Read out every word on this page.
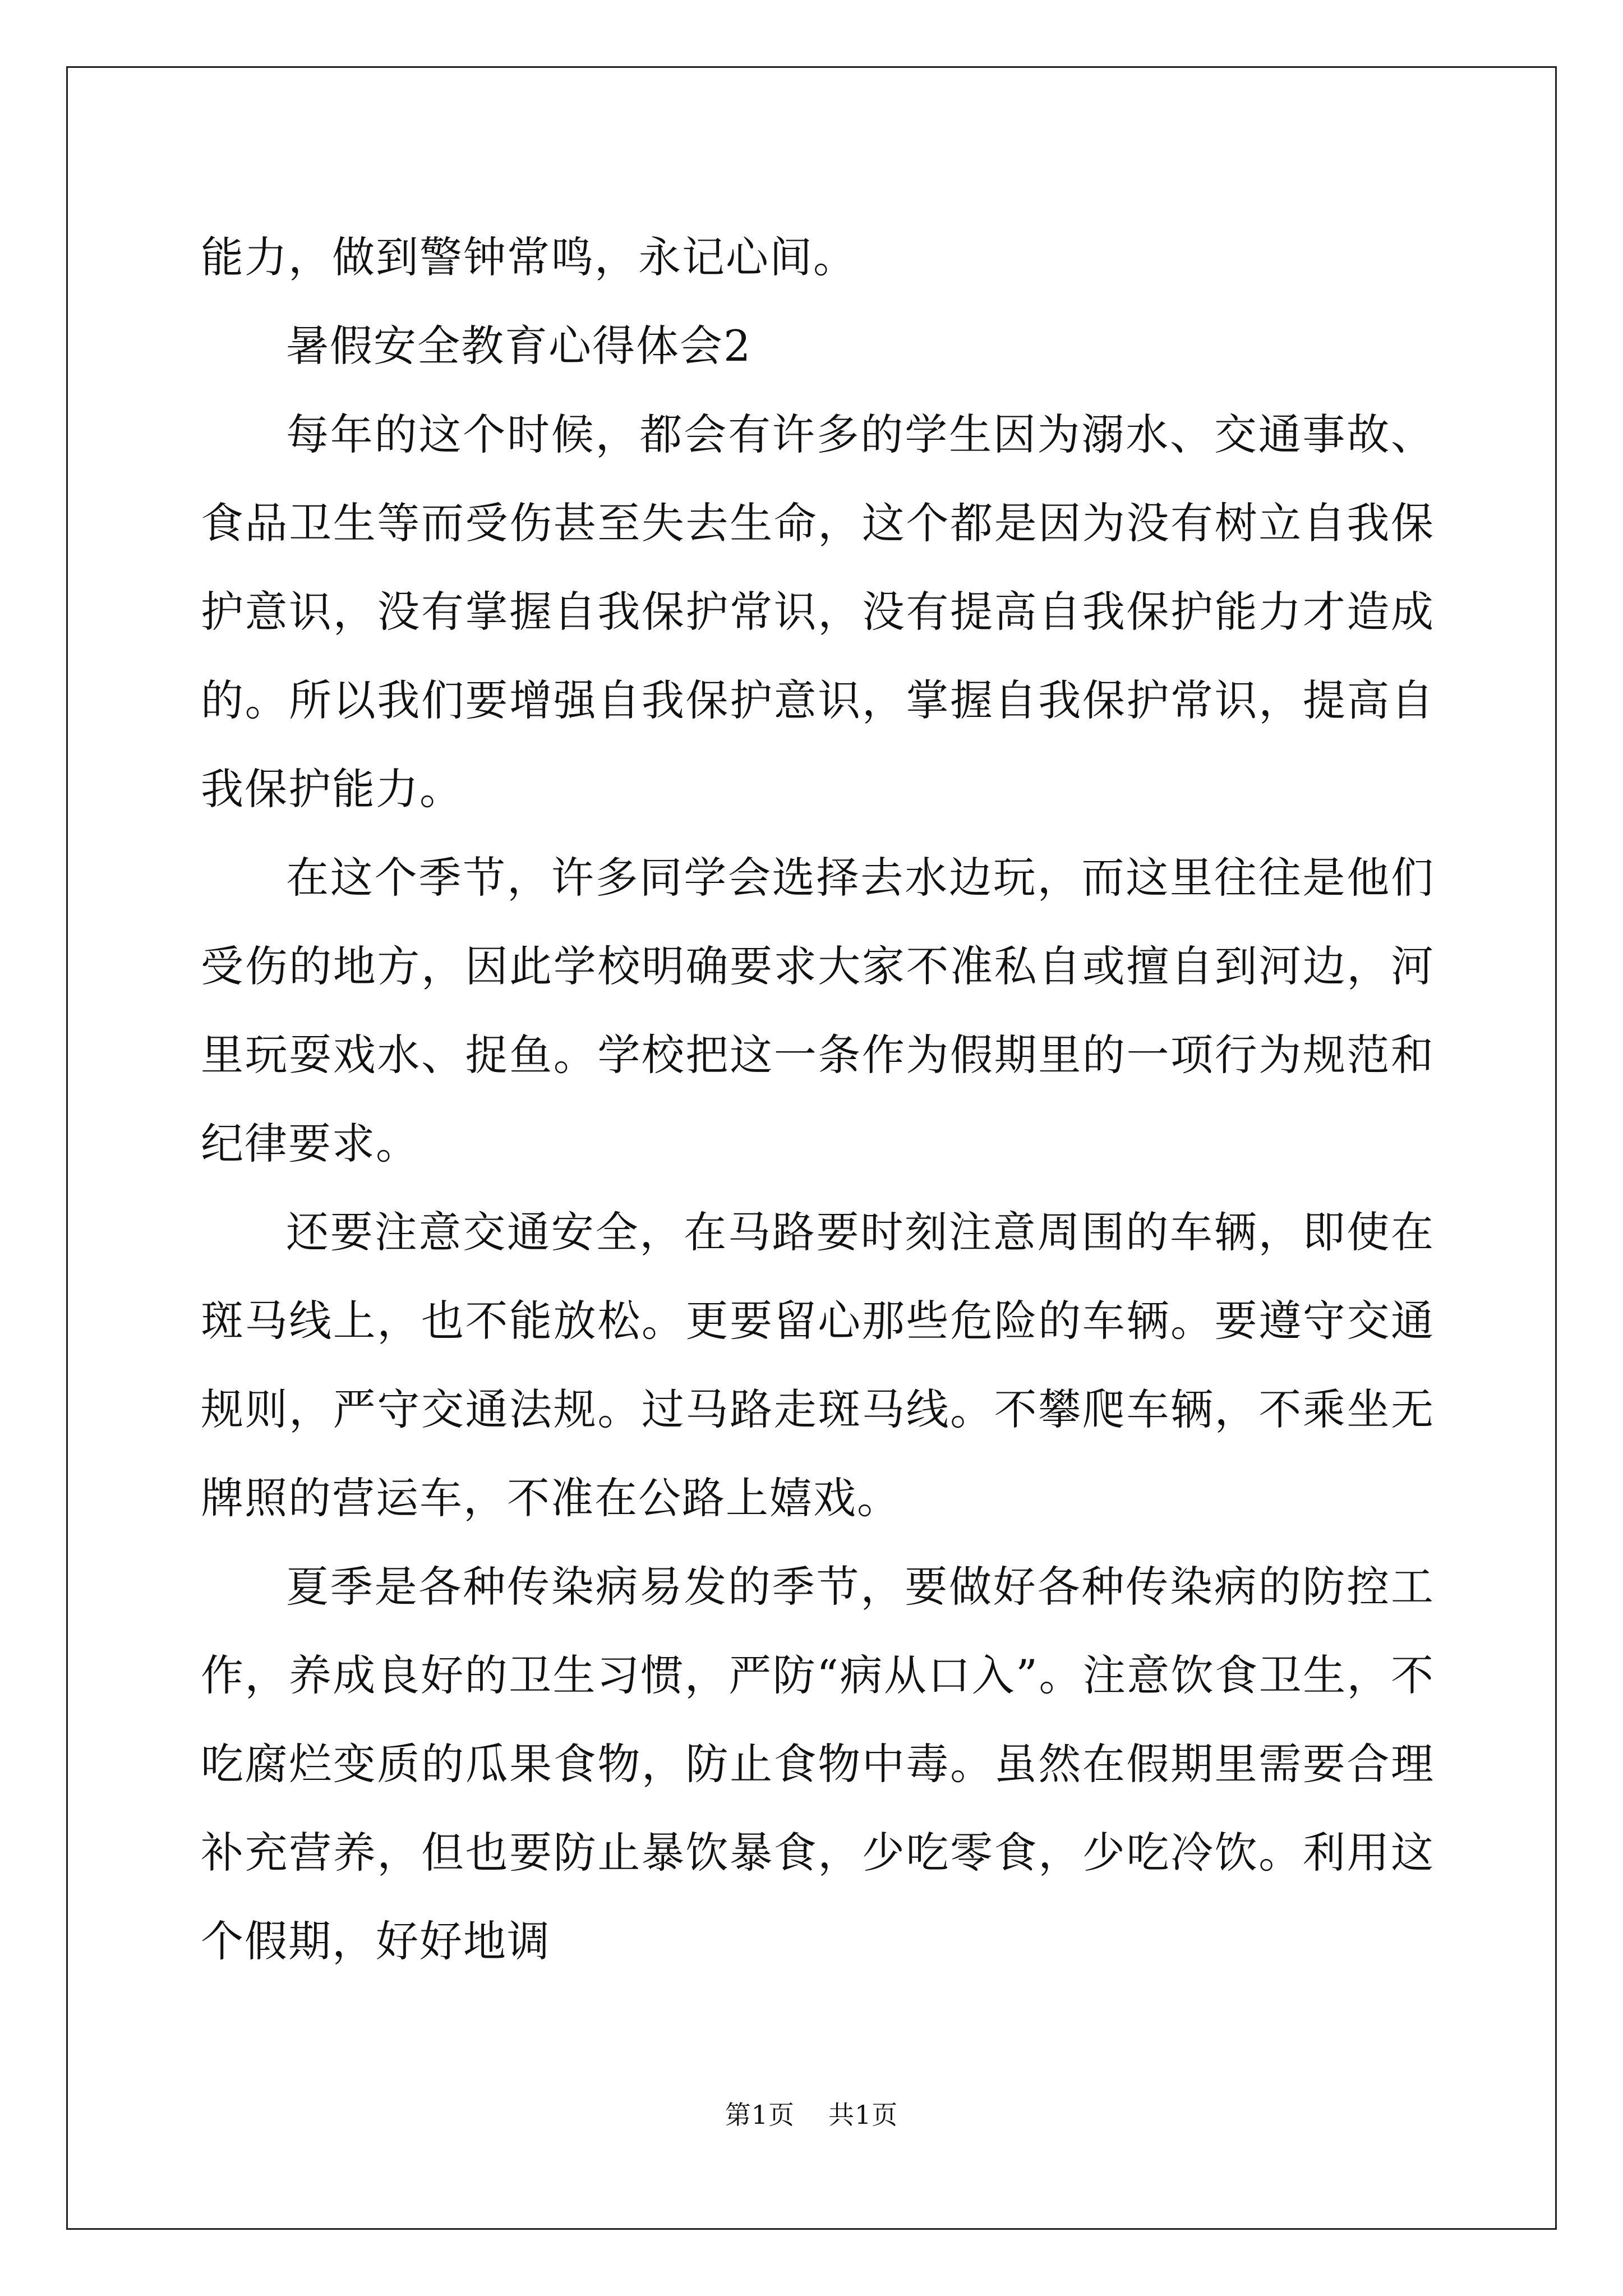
能力，做到警钟常鸣，永记心间。

暑假安全教育心得体会2

每年的这个时候，都会有许多的学生因为溺水、交通事故、食品卫生等而受伤甚至失去生命，这个都是因为没有树立自我保护意识，没有掌握自我保护常识，没有提高自我保护能力才造成的。所以我们要增强自我保护意识，掌握自我保护常识，提高自我保护能力。

在这个季节，许多同学会选择去水边玩，而这里往往是他们受伤的地方，因此学校明确要求大家不准私自或擅自到河边，河里玩耍戏水、捉鱼。学校把这一条作为假期里的一项行为规范和纪律要求。

还要注意交通安全，在马路要时刻注意周围的车辆，即使在斑马线上，也不能放松。更要留心那些危险的车辆。要遵守交通规则，严守交通法规。过马路走斑马线。不攀爬车辆，不乘坐无牌照的营运车，不准在公路上嬉戏。

夏季是各种传染病易发的季节，要做好各种传染病的防控工作，养成良好的卫生习惯，严防“病从口入”。注意饮食卫生，不吃腐烂变质的瓜果食物，防止食物中毒。虽然在假期里需要合理补充营养，但也要防止暴饮暴食，少吃零食，少吃冷饮。利用这个假期，好好地调

第1页 共1页
